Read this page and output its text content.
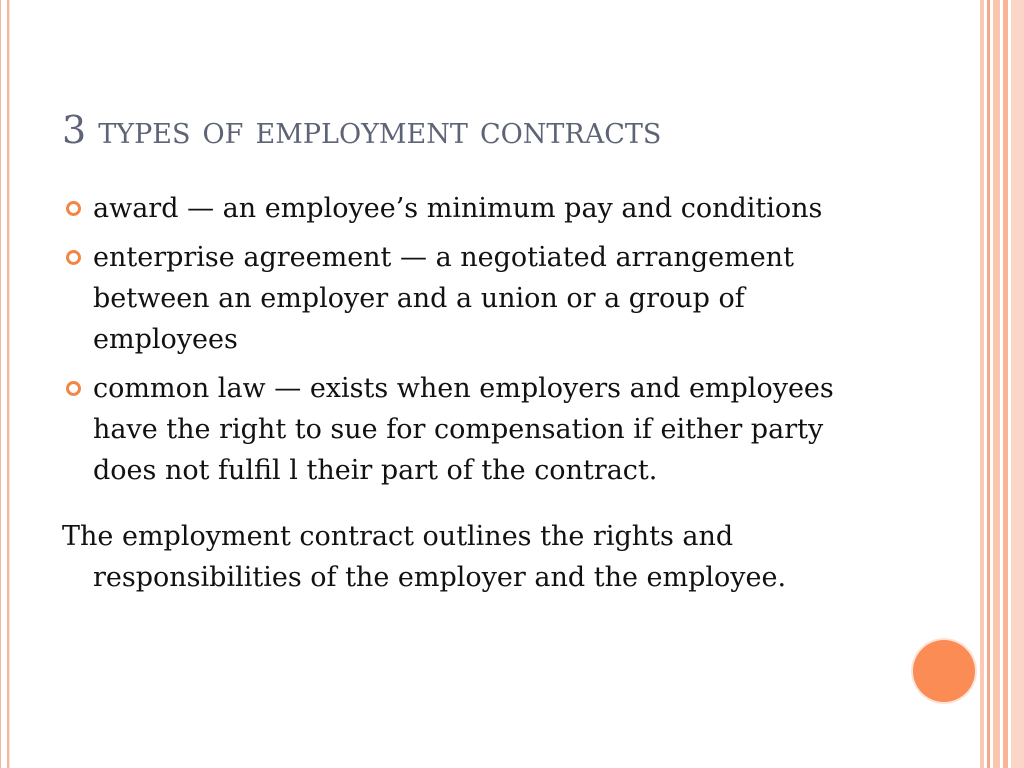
3 types of employment contracts
award — an employee’s minimum pay and conditions
enterprise agreement — a negotiated arrangement between an employer and a union or a group of employees
common law — exists when employers and employees have the right to sue for compensation if either party does not fulfil l their part of the contract.
The employment contract outlines the rights and responsibilities of the employer and the employee.
